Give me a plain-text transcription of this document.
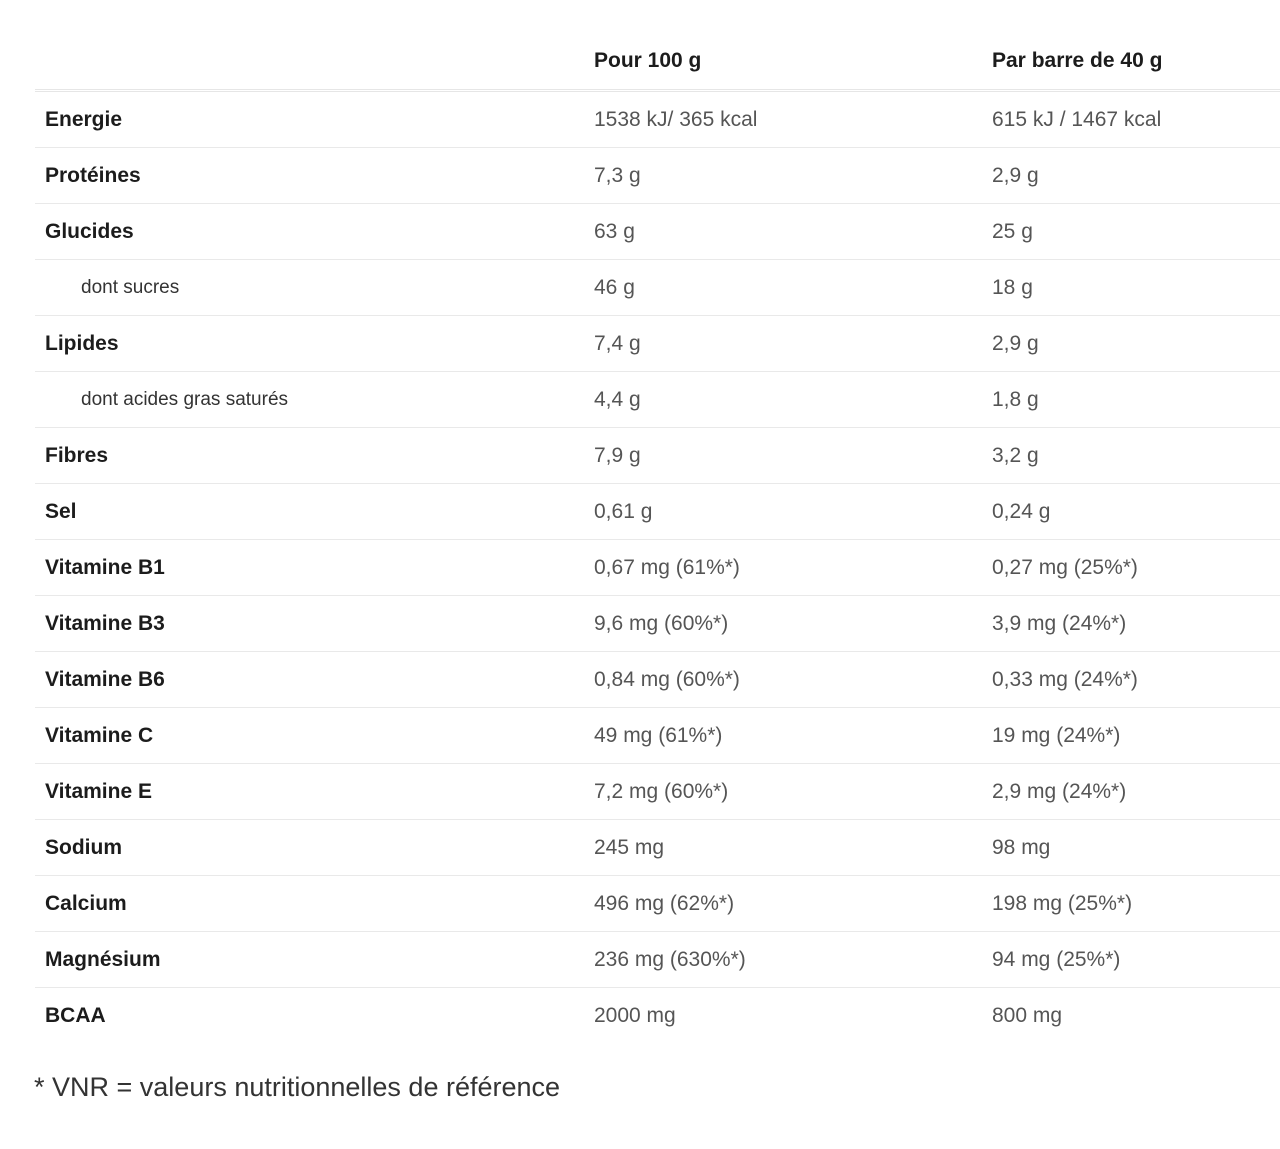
	Pour 100 g	Par barre de 40 g
Energie	1538 kJ/ 365 kcal	615 kJ / 1467 kcal
Protéines	7,3 g	2,9 g
Glucides	63 g	25 g
dont sucres	46 g	18 g
Lipides	7,4 g	2,9 g
dont acides gras saturés	4,4 g	1,8 g
Fibres	7,9 g	3,2 g
Sel	0,61 g	0,24 g
Vitamine B1	0,67 mg (61%*)	0,27 mg (25%*)
Vitamine B3	9,6 mg (60%*)	3,9 mg (24%*)
Vitamine B6	0,84 mg (60%*)	0,33 mg (24%*)
Vitamine C	49 mg (61%*)	19 mg (24%*)
Vitamine E	7,2 mg (60%*)	2,9 mg (24%*)
Sodium	245 mg	98 mg
Calcium	496 mg (62%*)	198 mg (25%*)
Magnésium	236 mg (630%*)	94 mg (25%*)
BCAA	2000 mg	800 mg
* VNR = valeurs nutritionnelles de référence
